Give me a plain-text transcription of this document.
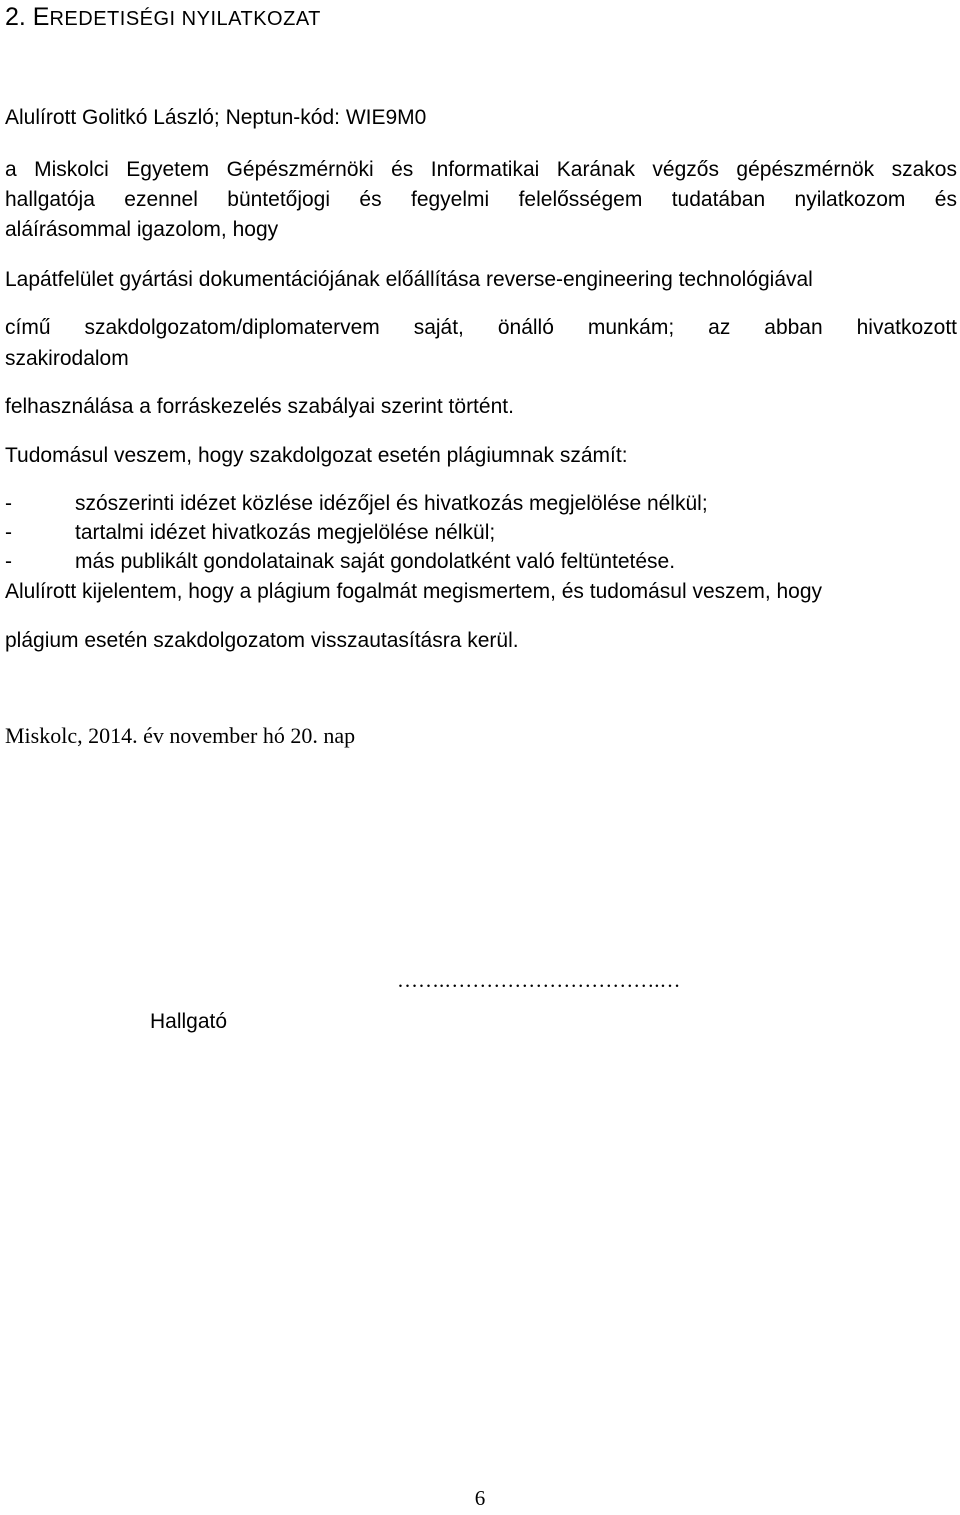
2. EREDETISÉGI NYILATKOZAT

Alulírott Golitkó László; Neptun-kód: WIE9M0

a Miskolci Egyetem Gépészmérnöki és Informatikai Karának végzős gépészmérnök szakos

hallgatója ezennel büntetőjogi és fegyelmi felelősségem tudatában nyilatkozom és

aláírásommal igazolom, hogy

Lapátfelület gyártási dokumentációjának előállítása reverse-engineering technológiával

című szakdolgozatom/diplomatervem saját, önálló munkám; az abban hivatkozott

szakirodalom

felhasználása a forráskezelés szabályai szerint történt.

Tudomásul veszem, hogy szakdolgozat esetén plágiumnak számít:

-	szószerinti idézet közlése idézőjel és hivatkozás megjelölése nélkül;
-	tartalmi idézet hivatkozás megjelölése nélkül;
-	más publikált gondolatainak saját gondolatként való feltüntetése.

Alulírott kijelentem, hogy a plágium fogalmát megismertem, és tudomásul veszem, hogy

plágium esetén szakdolgozatom visszautasításra kerül.

Miskolc, 2014. év november hó 20. nap

…….………………………….…
Hallgató
6
